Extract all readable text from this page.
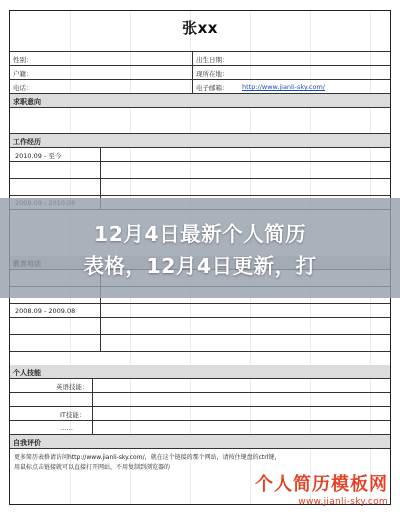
张xx
性别：	出生日期：
户籍：	现所在地：
电话：	电子邮箱： http://www.jianli-sky.com/
求职意向
工作经历
2010.09 - 至今
2008.09 - 2009.08
个人技能
英语技能：
IT技能：
……
自我评价
更多简历表格请访问http://www.jianli-sky.com/，就在这个链接的那个网站，请按住键盘的ctrl键，
用鼠标点击链接就可以直接打开网站，不用复制到浏览器的
12月4日最新个人简历
表格，12月4日更新，打
个人简历模板网
www.jianli-sky.com
